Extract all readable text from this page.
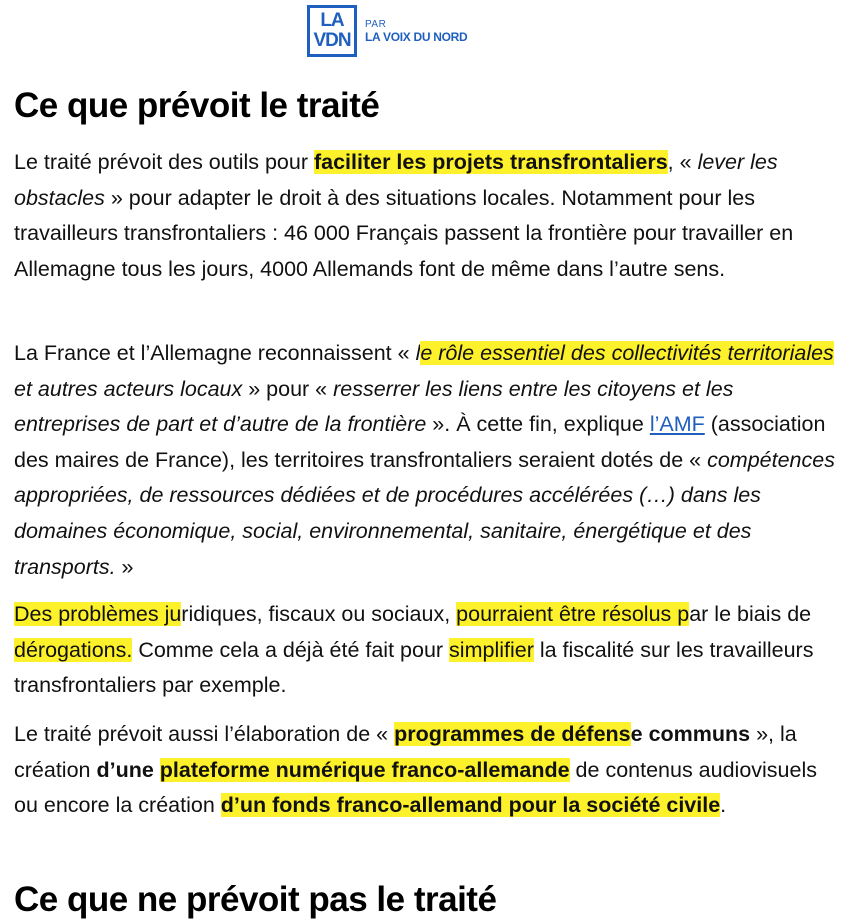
LA
VDN
PAR
LA VOIX DU NORD
Ce que prévoit le traité

Le traité prévoit des outils pour faciliter les projets transfrontaliers, « lever les obstacles » pour adapter le droit à des situations locales. Notamment pour les travailleurs transfrontaliers : 46 000 Français passent la frontière pour travailler en Allemagne tous les jours, 4000 Allemands font de même dans l’autre sens.

La France et l’Allemagne reconnaissent « le rôle essentiel des collectivités territoriales et autres acteurs locaux » pour « resserrer les liens entre les citoyens et les entreprises de part et d’autre de la frontière ». À cette fin, explique l’AMF (association des maires de France), les territoires transfrontaliers seraient dotés de « compétences appropriées, de ressources dédiées et de procédures accélérées (…) dans les domaines économique, social, environnemental, sanitaire, énergétique et des transports. »

Des problèmes juridiques, fiscaux ou sociaux, pourraient être résolus par le biais de dérogations. Comme cela a déjà été fait pour simplifier la fiscalité sur les travailleurs transfrontaliers par exemple.

Le traité prévoit aussi l’élaboration de « programmes de défense communs », la création d’une plateforme numérique franco-allemande de contenus audiovisuels ou encore la création d’un fonds franco-allemand pour la société civile.

Ce que ne prévoit pas le traité
